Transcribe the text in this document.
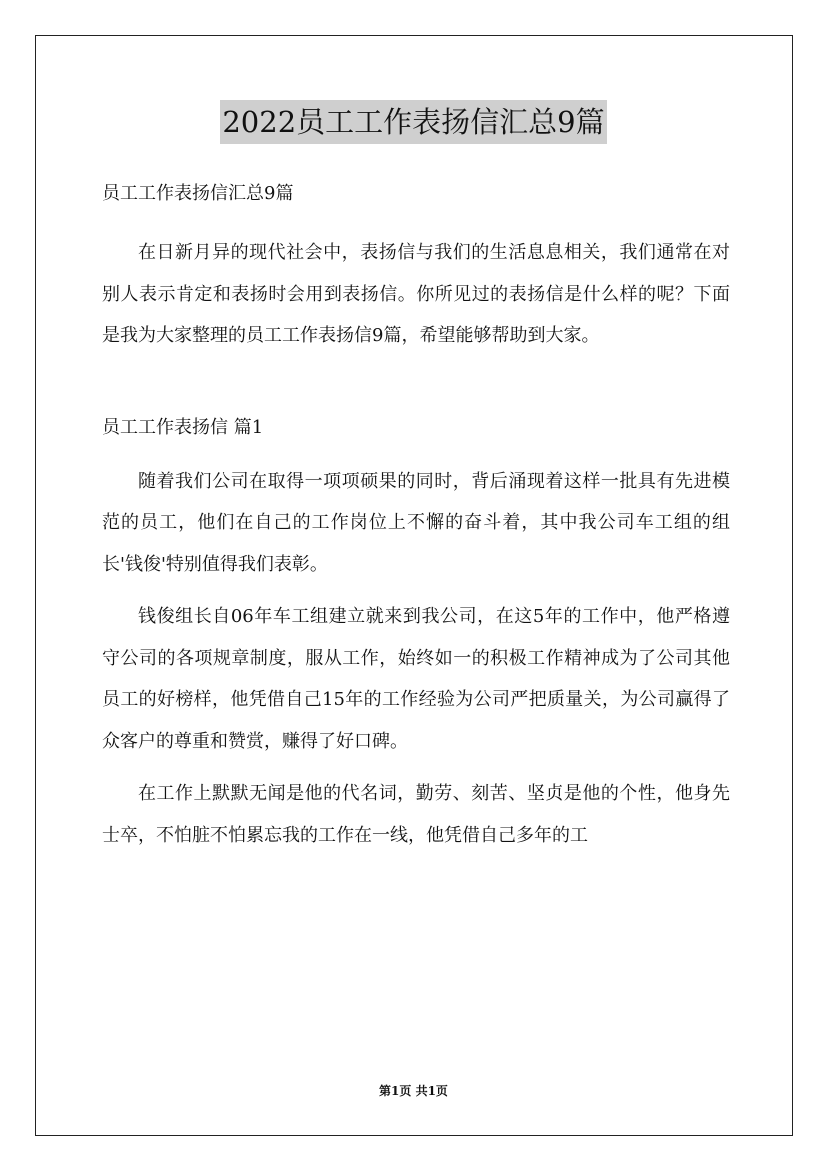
2022员工工作表扬信汇总9篇

员工工作表扬信汇总9篇

在日新月异的现代社会中，表扬信与我们的生活息息相关，我们通常在对别人表示肯定和表扬时会用到表扬信。你所见过的表扬信是什么样的呢？下面是我为大家整理的员工工作表扬信9篇，希望能够帮助到大家。

员工工作表扬信 篇1

随着我们公司在取得一项项硕果的同时，背后涌现着这样一批具有先进模范的员工，他们在自己的工作岗位上不懈的奋斗着，其中我公司车工组的组长'钱俊'特别值得我们表彰。

钱俊组长自06年车工组建立就来到我公司，在这5年的工作中，他严格遵守公司的各项规章制度，服从工作，始终如一的积极工作精神成为了公司其他员工的好榜样，他凭借自己15年的工作经验为公司严把质量关，为公司赢得了众客户的尊重和赞赏，赚得了好口碑。

在工作上默默无闻是他的代名词，勤劳、刻苦、坚贞是他的个性，他身先士卒，不怕脏不怕累忘我的工作在一线，他凭借自己多年的工

第1页 共1页
